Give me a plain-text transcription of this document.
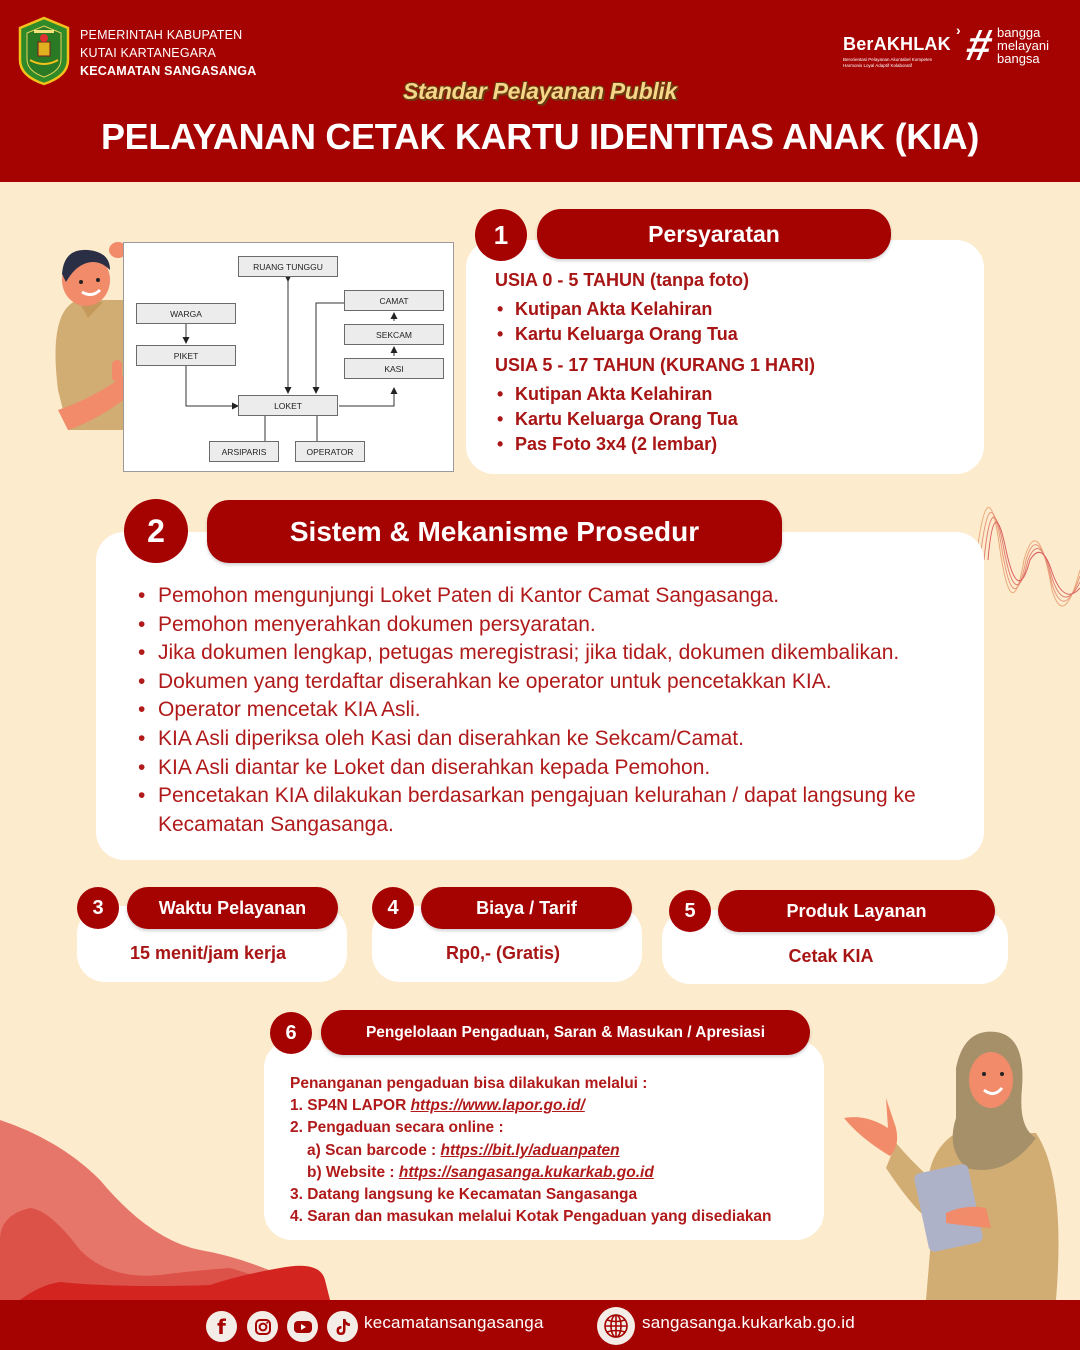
PEMERINTAH KABUPATEN
KUTAI KARTANEGARA
KECAMATAN SANGASANGA
BerAKHLAK
›
Berorientasi Pelayanan Akuntabel Kompeten Harmonis Loyal Adaptif Kolaboratif	# bangga
melayani
bangsa
Standar Pelayanan Publik
PELAYANAN CETAK KARTU IDENTITAS ANAK (KIA)
RUANG TUNGGU
WARGA
PIKET
LOKET
ARSIPARIS	OPERATOR
CAMAT
SEKCAM
KASI
USIA 0 - 5 TAHUN (tanpa foto)
• Kutipan Akta Kelahiran
• Kartu Keluarga Orang Tua
USIA 5 - 17 TAHUN (KURANG 1 HARI)
• Kutipan Akta Kelahiran
• Kartu Keluarga Orang Tua
• Pas Foto 3x4 (2 lembar)
1	Persyaratan
• Pemohon mengunjungi Loket Paten di Kantor Camat Sangasanga.
• Pemohon menyerahkan dokumen persyaratan.
• Jika dokumen lengkap, petugas meregistrasi; jika tidak, dokumen dikembalikan.
• Dokumen yang terdaftar diserahkan ke operator untuk pencetakkan KIA.
• Operator mencetak KIA Asli.
• KIA Asli diperiksa oleh Kasi dan diserahkan ke Sekcam/Camat.
• KIA Asli diantar ke Loket dan diserahkan kepada Pemohon.
• Pencetakan KIA dilakukan berdasarkan pengajuan kelurahan / dapat langsung ke Kecamatan Sangasanga.
2	Sistem & Mekanisme Prosedur
15 menit/jam kerja
3	Waktu Pelayanan
Rp0,- (Gratis)
4	Biaya / Tarif
Cetak KIA
5	Produk Layanan
Penanganan pengaduan bisa dilakukan melalui :
1. SP4N LAPOR https://www.lapor.go.id/
2. Pengaduan secara online :
a) Scan barcode : https://bit.ly/aduanpaten
b) Website : https://sangasanga.kukarkab.go.id
3. Datang langsung ke Kecamatan Sangasanga
4. Saran dan masukan melalui Kotak Pengaduan yang disediakan
6	Pengelolaan Pengaduan, Saran & Masukan / Apresiasi
f	kecamatansangasanga	sangasanga.kukarkab.go.id
